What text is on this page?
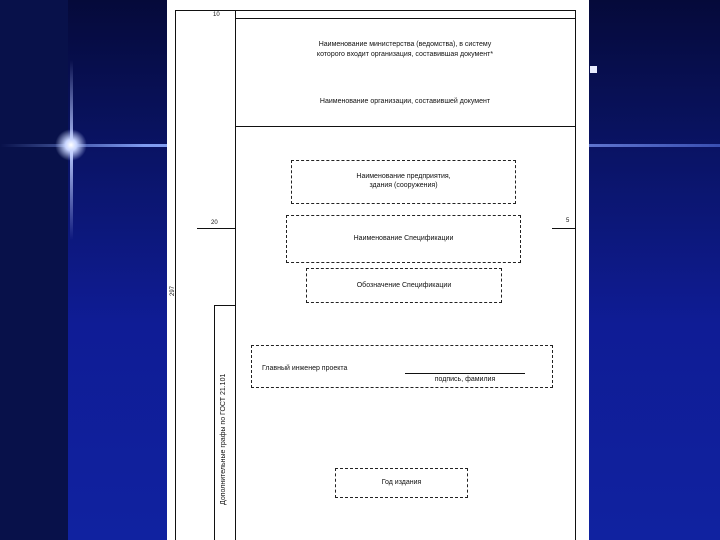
10
20	5
297
Наименование министерства (ведомства), в систему
которого входит организация, составившая документ*
Наименование организации, составившей документ
Наименование предприятия,
здания (сооружения)
Наименование Спецификации
Обозначение Спецификации
Главный инженер проекта
подпись, фамилия
Год издания
Дополнительные графы по ГОСТ 21.101
